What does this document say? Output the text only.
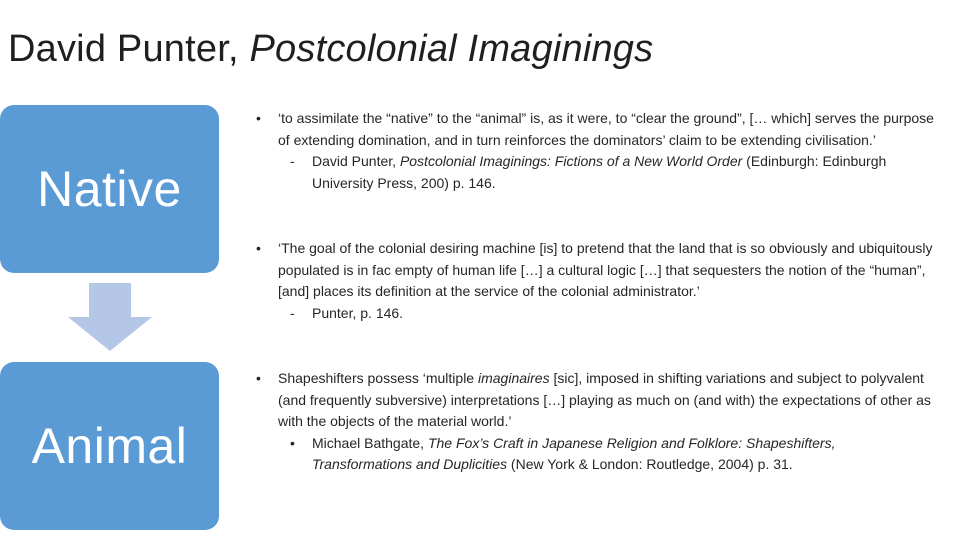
David Punter, Postcolonial Imaginings
Native
Animal
•	‘to assimilate the “native” to the “animal” is, as it were, to “clear the ground”, [… which] serves the purpose of extending domination, and in turn reinforces the dominators’ claim to be extending civilisation.’
-	David Punter, Postcolonial Imaginings: Fictions of a New World Order (Edinburgh: Edinburgh University Press, 200) p. 146.
•	‘The goal of the colonial desiring machine [is] to pretend that the land that is so obviously and ubiquitously populated is in fac empty of human life […] a cultural logic […] that sequesters the notion of the “human”, [and] places its definition at the service of the colonial administrator.’
-	Punter, p. 146.
•	Shapeshifters possess ‘multiple imaginaires [sic], imposed in shifting variations and subject to polyvalent (and frequently subversive) interpretations […] playing as much on (and with) the expectations of other as with the objects of the material world.’
•	Michael Bathgate, The Fox’s Craft in Japanese Religion and Folklore: Shapeshifters, Transformations and Duplicities (New York & London: Routledge, 2004) p. 31.
